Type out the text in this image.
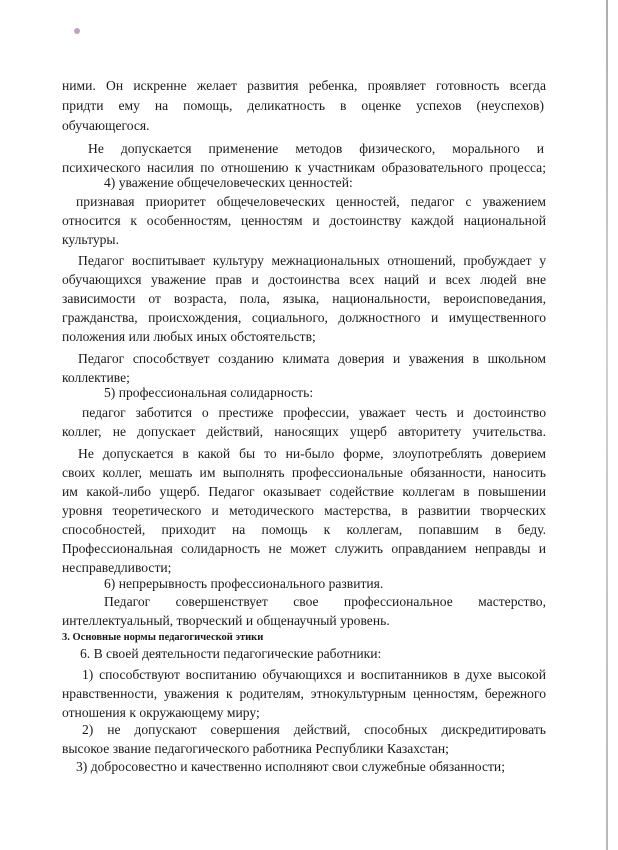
ними. Он искренне желает развития ребенка, проявляет готовность всегда
придти ему на помощь, деликатность в оценке успехов (неуспехов)
обучающегося.
Не допускается применение методов физического, морального и
психического насилия по отношению к участникам образовательного процесса;
4) уважение общечеловеческих ценностей:
признавая приоритет общечеловеческих ценностей, педагог с уважением
относится к особенностям, ценностям и достоинству каждой национальной
культуры.
Педагог воспитывает культуру межнациональных отношений, пробуждает у
обучающихся уважение прав и достоинства всех наций и всех людей вне
зависимости от возраста, пола, языка, национальности, вероисповедания,
гражданства, происхождения, социального, должностного и имущественного
положения или любых иных обстоятельств;
Педагог способствует созданию климата доверия и уважения в школьном
коллективе;
5) профессиональная солидарность:
педагог заботится о престиже профессии, уважает честь и достоинство
коллег, не допускает действий, наносящих ущерб авторитету учительства.
Не допускается в какой бы то ни-было форме, злоупотреблять доверием
своих коллег, мешать им выполнять профессиональные обязанности, наносить
им какой-либо ущерб. Педагог оказывает содействие коллегам в повышении
уровня теоретического и методического мастерства, в развитии творческих
способностей, приходит на помощь к коллегам, попавшим в беду.
Профессиональная солидарность не может служить оправданием неправды и
несправедливости;
6) непрерывность профессионального развития.
Педагог совершенствует свое профессиональное мастерство,
интеллектуальный, творческий и общенаучный уровень.
3. Основные нормы педагогической этики
6. В своей деятельности педагогические работники:
1) способствуют воспитанию обучающихся и воспитанников в духе высокой
нравственности, уважения к родителям, этнокультурным ценностям, бережного
отношения к окружающему миру;
2) не допускают совершения действий, способных дискредитировать
высокое звание педагогического работника Республики Казахстан;
3) добросовестно и качественно исполняют свои служебные обязанности;
